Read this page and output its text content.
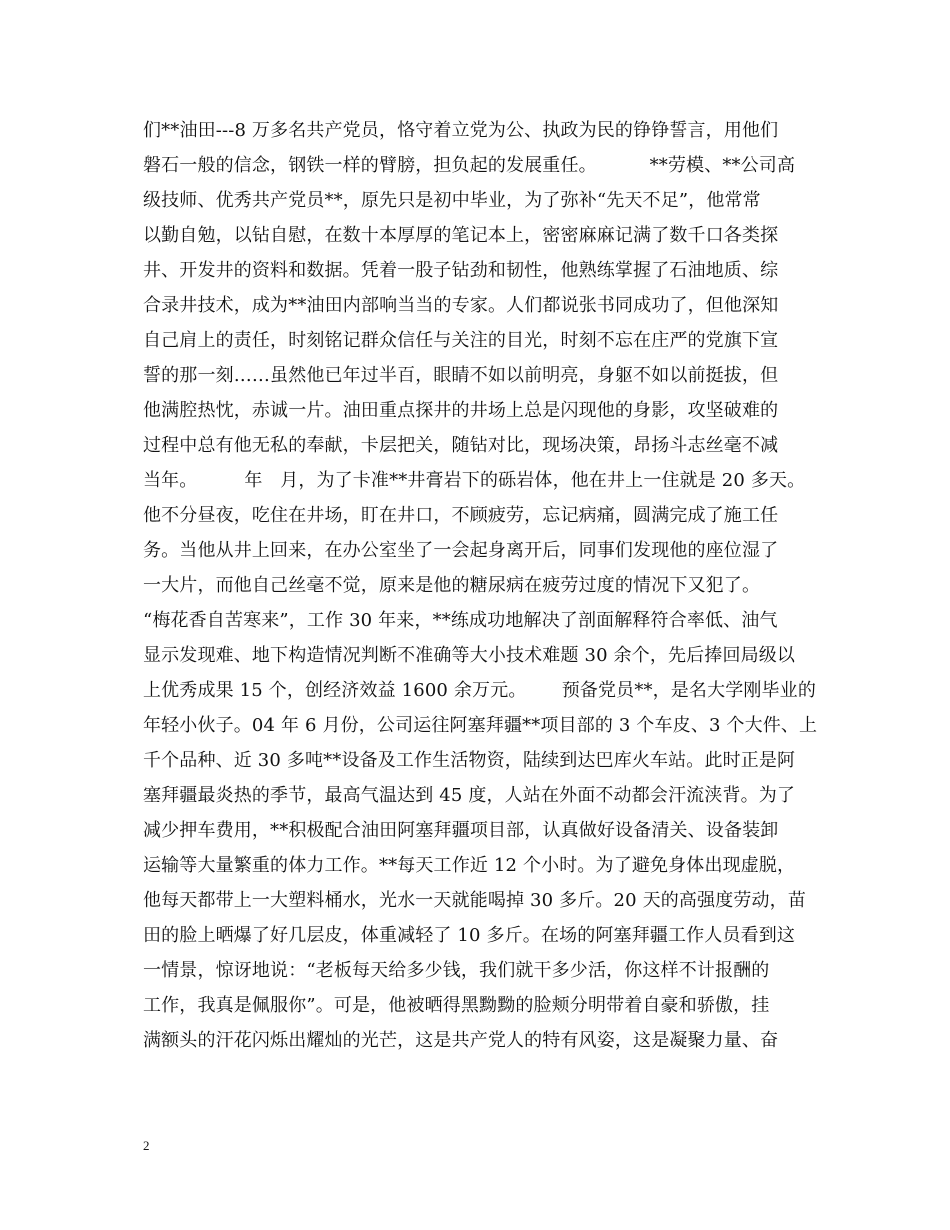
们**油田---8 万多名共产党员，恪守着立党为公、执政为民的铮铮誓言，用他们
磐石一般的信念，钢铁一样的臂膀，担负起的发展重任。         **劳模、**公司高
级技师、优秀共产党员**，原先只是初中毕业，为了弥补“先天不足”，他常常
以勤自勉，以钻自慰，在数十本厚厚的笔记本上，密密麻麻记满了数千口各类探
井、开发井的资料和数据。凭着一股子钻劲和韧性，他熟练掌握了石油地质、综
合录井技术，成为**油田内部响当当的专家。人们都说张书同成功了，但他深知
自己肩上的责任，时刻铭记群众信任与关注的目光，时刻不忘在庄严的党旗下宣
誓的那一刻……虽然他已年过半百，眼睛不如以前明亮，身躯不如以前挺拔，但
他满腔热忱，赤诚一片。油田重点探井的井场上总是闪现他的身影，攻坚破难的
过程中总有他无私的奉献，卡层把关，随钻对比，现场决策，昂扬斗志丝毫不减
当年。        年   月，为了卡准**井膏岩下的砾岩体，他在井上一住就是 20 多天。
他不分昼夜，吃住在井场，盯在井口，不顾疲劳，忘记病痛，圆满完成了施工任
务。当他从井上回来，在办公室坐了一会起身离开后，同事们发现他的座位湿了
一大片，而他自己丝毫不觉，原来是他的糖尿病在疲劳过度的情况下又犯了。
“梅花香自苦寒来”，工作 30 年来，**练成功地解决了剖面解释符合率低、油气
显示发现难、地下构造情况判断不准确等大小技术难题 30 余个，先后捧回局级以
上优秀成果 15 个，创经济效益 1600 余万元。      预备党员**，是名大学刚毕业的
年轻小伙子。04 年 6 月份，公司运往阿塞拜疆**项目部的 3 个车皮、3 个大件、上
千个品种、近 30 多吨**设备及工作生活物资，陆续到达巴库火车站。此时正是阿
塞拜疆最炎热的季节，最高气温达到 45 度，人站在外面不动都会汗流浃背。为了
减少押车费用，**积极配合油田阿塞拜疆项目部，认真做好设备清关、设备装卸
运输等大量繁重的体力工作。**每天工作近 12 个小时。为了避免身体出现虚脱，
他每天都带上一大塑料桶水，光水一天就能喝掉 30 多斤。20 天的高强度劳动，苗
田的脸上晒爆了好几层皮，体重减轻了 10 多斤。在场的阿塞拜疆工作人员看到这
一情景，惊讶地说：“老板每天给多少钱，我们就干多少活，你这样不计报酬的
工作，我真是佩服你”。可是，他被晒得黑黝黝的脸颊分明带着自豪和骄傲，挂
满额头的汗花闪烁出耀灿的光芒，这是共产党人的特有风姿，这是凝聚力量、奋
2
